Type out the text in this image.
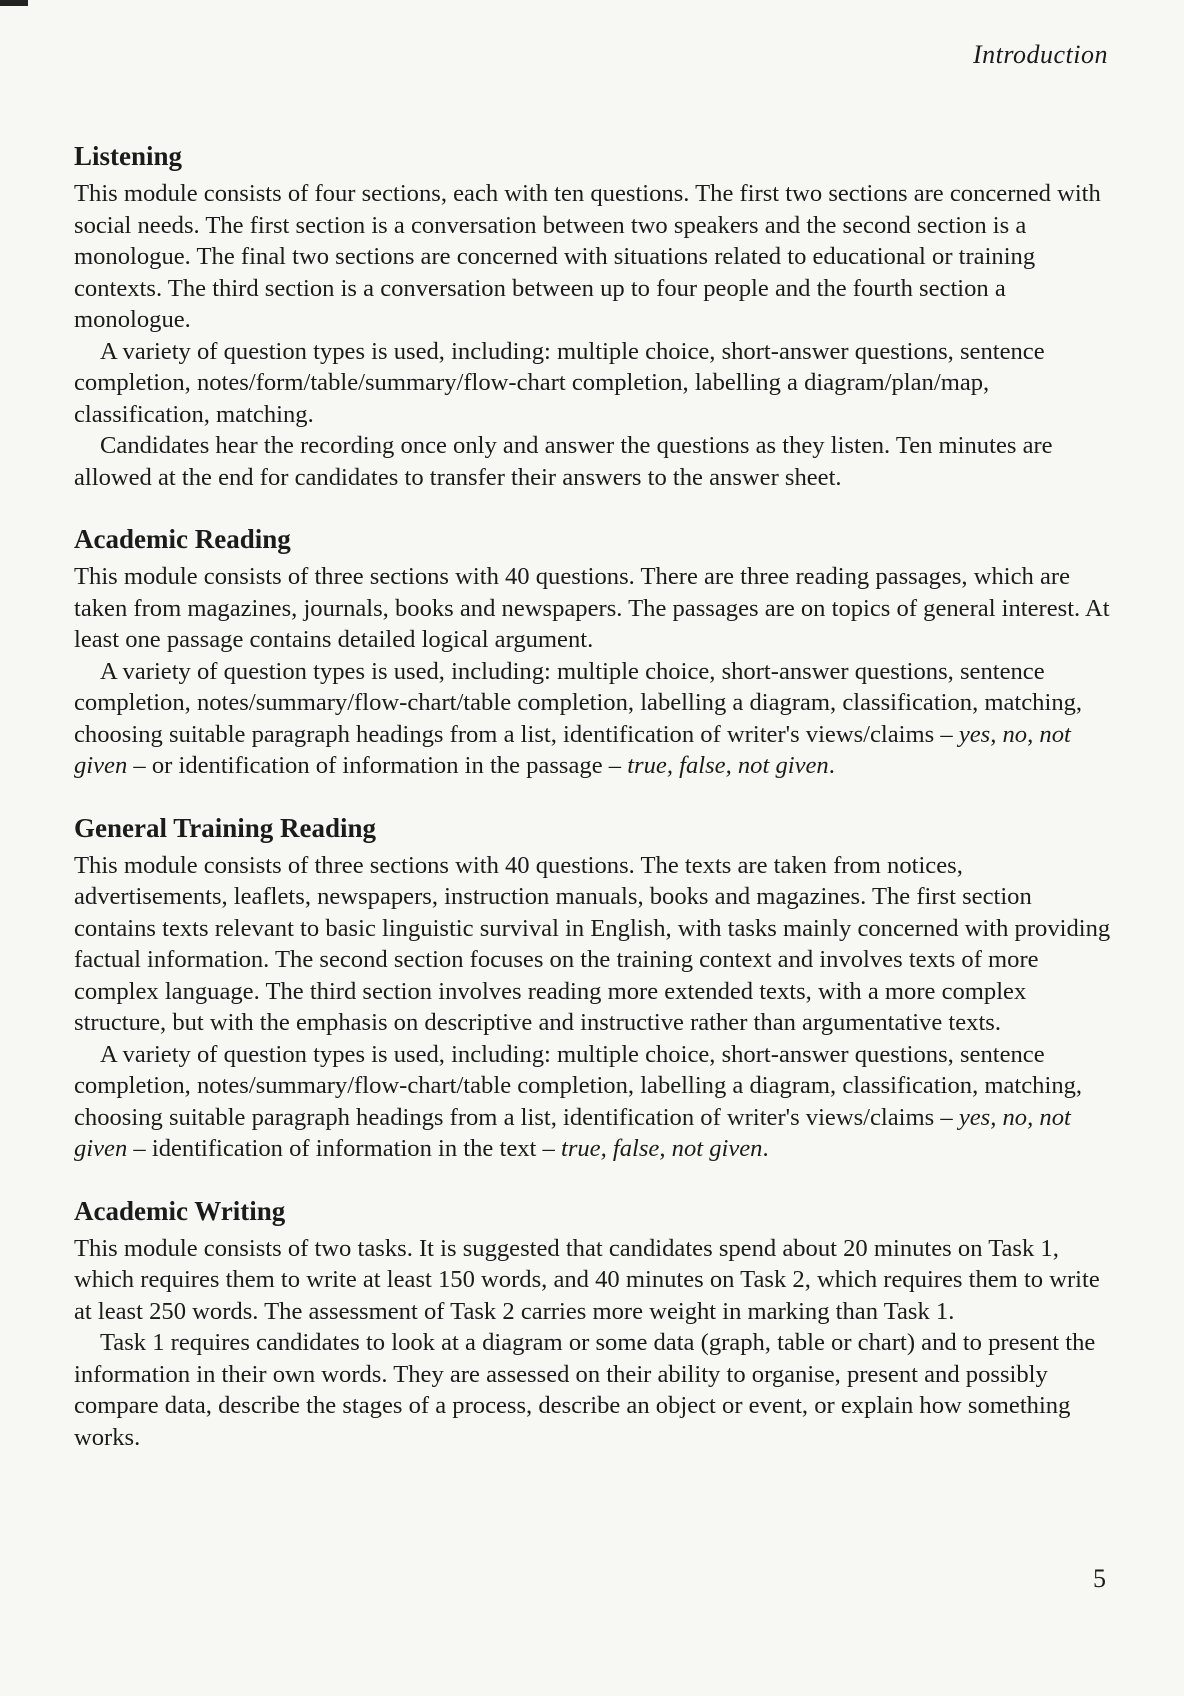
Introduction
Listening

This module consists of four sections, each with ten questions. The first two sections are concerned with social needs. The first section is a conversation between two speakers and the second section is a monologue. The final two sections are concerned with situations related to educational or training contexts. The third section is a conversation between up to four people and the fourth section a monologue.

A variety of question types is used, including: multiple choice, short-answer questions, sentence completion, notes/form/table/summary/flow-chart completion, labelling a diagram/plan/map, classification, matching.

Candidates hear the recording once only and answer the questions as they listen. Ten minutes are allowed at the end for candidates to transfer their answers to the answer sheet.

Academic Reading

This module consists of three sections with 40 questions. There are three reading passages, which are taken from magazines, journals, books and newspapers. The passages are on topics of general interest. At least one passage contains detailed logical argument.

A variety of question types is used, including: multiple choice, short-answer questions, sentence completion, notes/summary/flow-chart/table completion, labelling a diagram, classification, matching, choosing suitable paragraph headings from a list, identification of writer's views/claims – yes, no, not given – or identification of information in the passage – true, false, not given.

General Training Reading

This module consists of three sections with 40 questions. The texts are taken from notices, advertisements, leaflets, newspapers, instruction manuals, books and magazines. The first section contains texts relevant to basic linguistic survival in English, with tasks mainly concerned with providing factual information. The second section focuses on the training context and involves texts of more complex language. The third section involves reading more extended texts, with a more complex structure, but with the emphasis on descriptive and instructive rather than argumentative texts.

A variety of question types is used, including: multiple choice, short-answer questions, sentence completion, notes/summary/flow-chart/table completion, labelling a diagram, classification, matching, choosing suitable paragraph headings from a list, identification of writer's views/claims – yes, no, not given – identification of information in the text – true, false, not given.

Academic Writing

This module consists of two tasks. It is suggested that candidates spend about 20 minutes on Task 1, which requires them to write at least 150 words, and 40 minutes on Task 2, which requires them to write at least 250 words. The assessment of Task 2 carries more weight in marking than Task 1.

Task 1 requires candidates to look at a diagram or some data (graph, table or chart) and to present the information in their own words. They are assessed on their ability to organise, present and possibly compare data, describe the stages of a process, describe an object or event, or explain how something works.

5
